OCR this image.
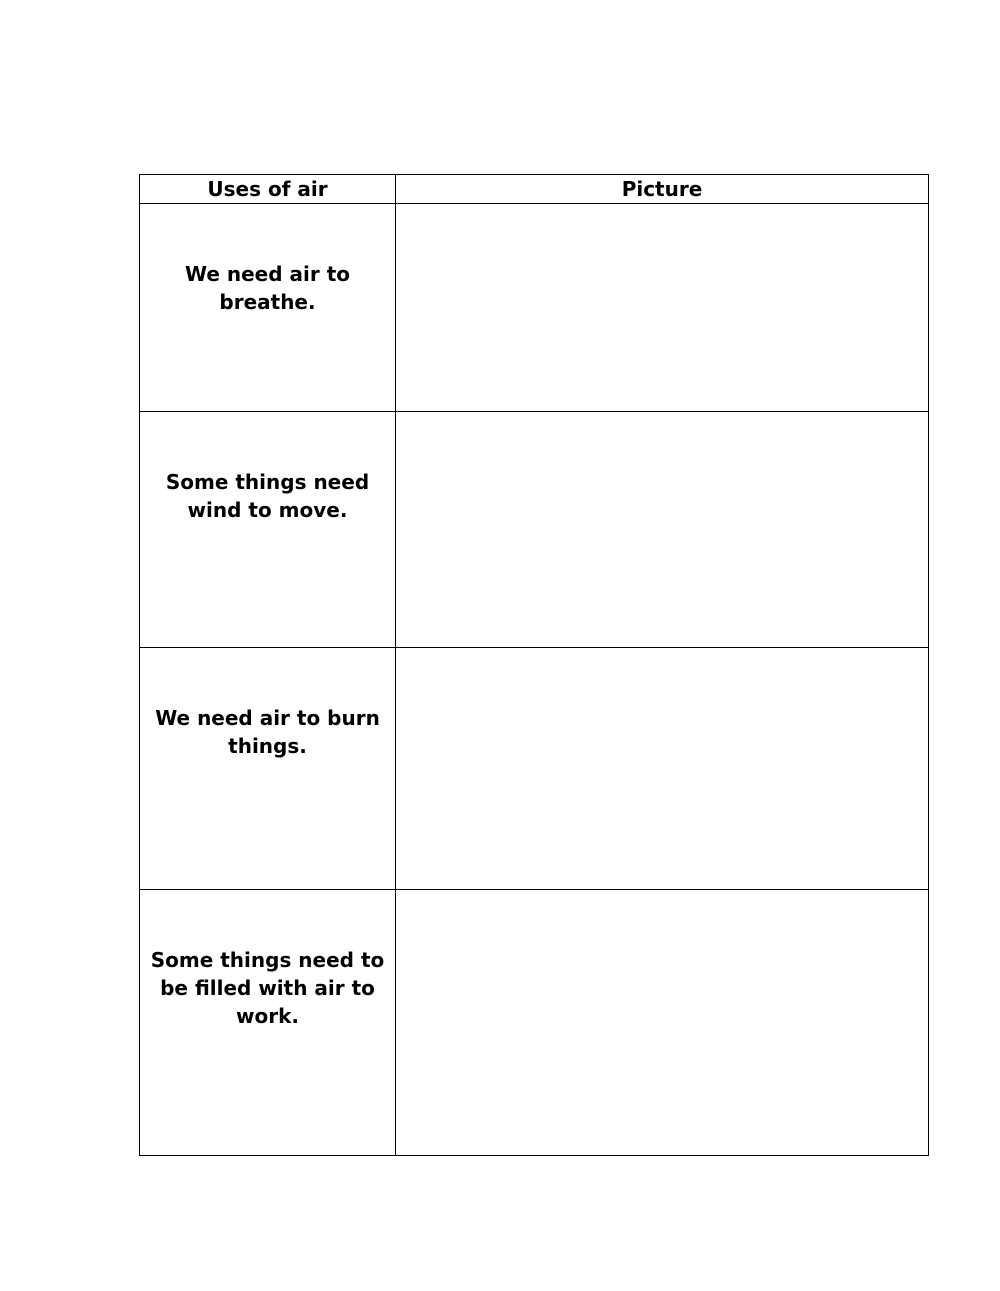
Uses of air	Picture

We need air to breathe.	

Some things need wind to move.	

We need air to burn things.	

Some things need to be filled with air to work.	
